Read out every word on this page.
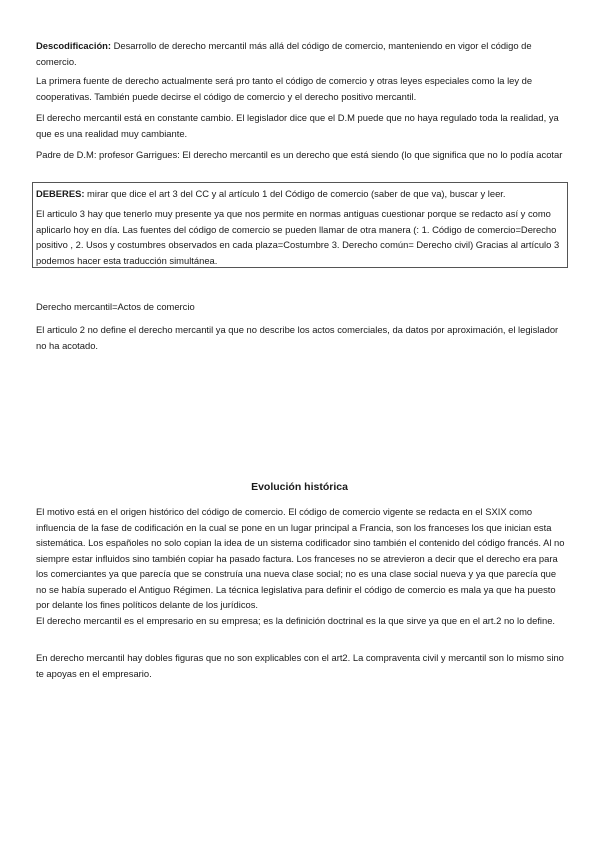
Descodificación: Desarrollo de derecho mercantil más allá del código de comercio, manteniendo en vigor el código de comercio.

La primera fuente de derecho actualmente será pro tanto el código de comercio y otras leyes especiales como la ley de cooperativas. También puede decirse el código de comercio y el derecho positivo mercantil.

El derecho mercantil está en constante cambio. El legislador dice que el D.M puede que no haya regulado toda la realidad, ya que es una realidad muy cambiante.

Padre de D.M: profesor Garrigues: El derecho mercantil es un derecho que está siendo (lo que significa que no lo podía acotar

DEBERES: mirar que dice el art 3 del CC y al artículo 1 del Código de comercio (saber de que va), buscar y leer.

El articulo 3 hay que tenerlo muy presente ya que nos permite en normas antiguas cuestionar porque se redacto así y como aplicarlo hoy en día. Las fuentes del código de comercio se pueden llamar de otra manera (: 1. Código de comercio=Derecho positivo , 2. Usos y costumbres observados en cada plaza=Costumbre 3. Derecho común= Derecho civil) Gracias al artículo 3 podemos hacer esta traducción simultánea.

Derecho mercantil=Actos de comercio

El articulo 2 no define el derecho mercantil ya que no describe los actos comerciales, da datos por aproximación, el legislador no ha acotado.

Evolución histórica

El motivo está en el origen histórico del código de comercio. El código de comercio vigente se redacta en el SXIX como influencia de la fase de codificación en la cual se pone en un lugar principal a Francia, son los franceses los que inician esta sistemática. Los españoles no solo copian la idea de un sistema codificador sino también el contenido del código francés. Al no siempre estar influidos sino también copiar ha pasado factura. Los franceses no se atrevieron a decir que el derecho era para los comerciantes ya que parecía que se construía una nueva clase social; no es una clase social nueva y ya que parecía que no se había superado el Antiguo Régimen. La técnica legislativa para definir el código de comercio es mala ya que ha puesto por delante los fines políticos delante de los jurídicos.

El derecho mercantil es el empresario en su empresa; es la definición doctrinal es la que sirve ya que en el art.2 no lo define.

En derecho mercantil hay dobles figuras que no son explicables con el art2. La compraventa civil y mercantil son lo mismo sino te apoyas en el empresario.
